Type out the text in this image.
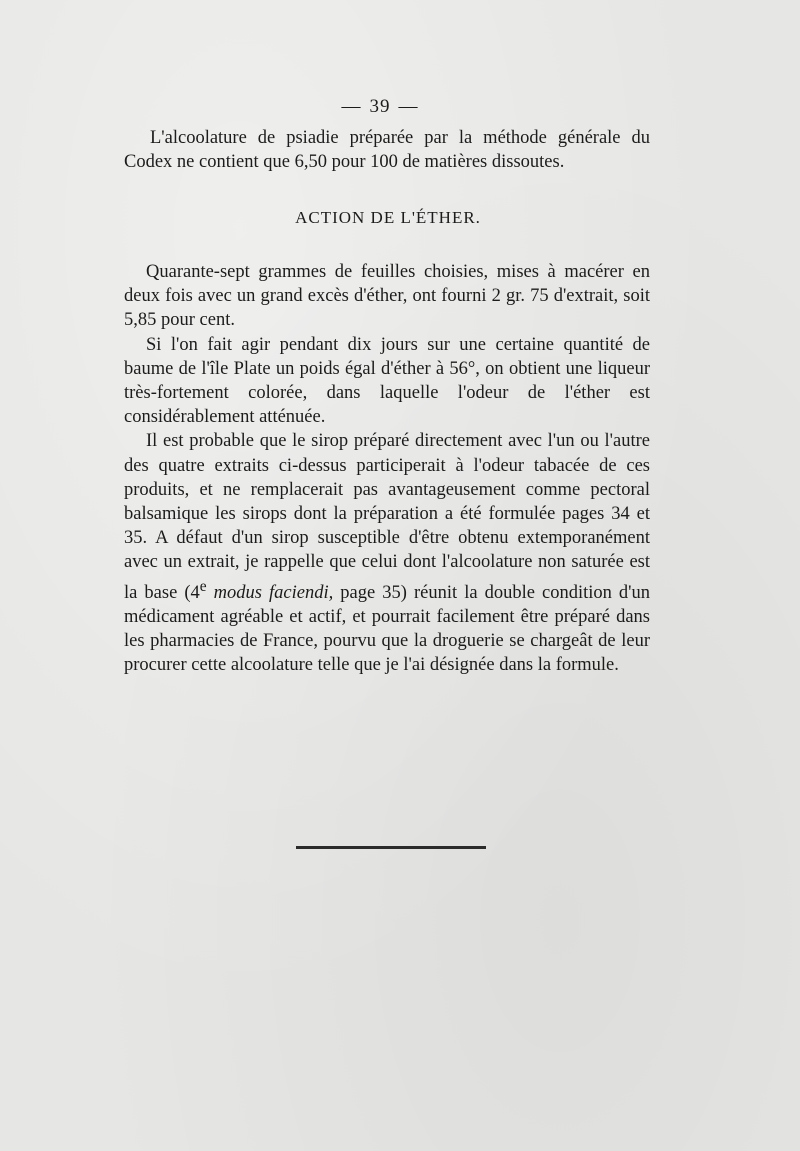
— 39 —

L'alcoolature de psiadie préparée par la méthode générale du Codex ne contient que 6,50 pour 100 de matières dissoutes.

ACTION DE L'ÉTHER.

Quarante-sept grammes de feuilles choisies, mises à macérer en deux fois avec un grand excès d'éther, ont fourni 2 gr. 75 d'extrait, soit 5,85 pour cent.

Si l'on fait agir pendant dix jours sur une certaine quantité de baume de l'île Plate un poids égal d'éther à 56°, on obtient une liqueur très-fortement colorée, dans laquelle l'odeur de l'éther est considérablement atténuée.

Il est probable que le sirop préparé directement avec l'un ou l'autre des quatre extraits ci-dessus participerait à l'odeur tabacée de ces produits, et ne remplacerait pas avantageusement comme pectoral balsamique les sirops dont la préparation a été formulée pages 34 et 35. A défaut d'un sirop susceptible d'être obtenu extemporanément avec un extrait, je rappelle que celui dont l'alcoolature non saturée est la base (4e modus faciendi, page 35) réunit la double condition d'un médicament agréable et actif, et pourrait facilement être préparé dans les pharmacies de France, pourvu que la droguerie se chargeât de leur procurer cette alcoolature telle que je l'ai désignée dans la formule.
